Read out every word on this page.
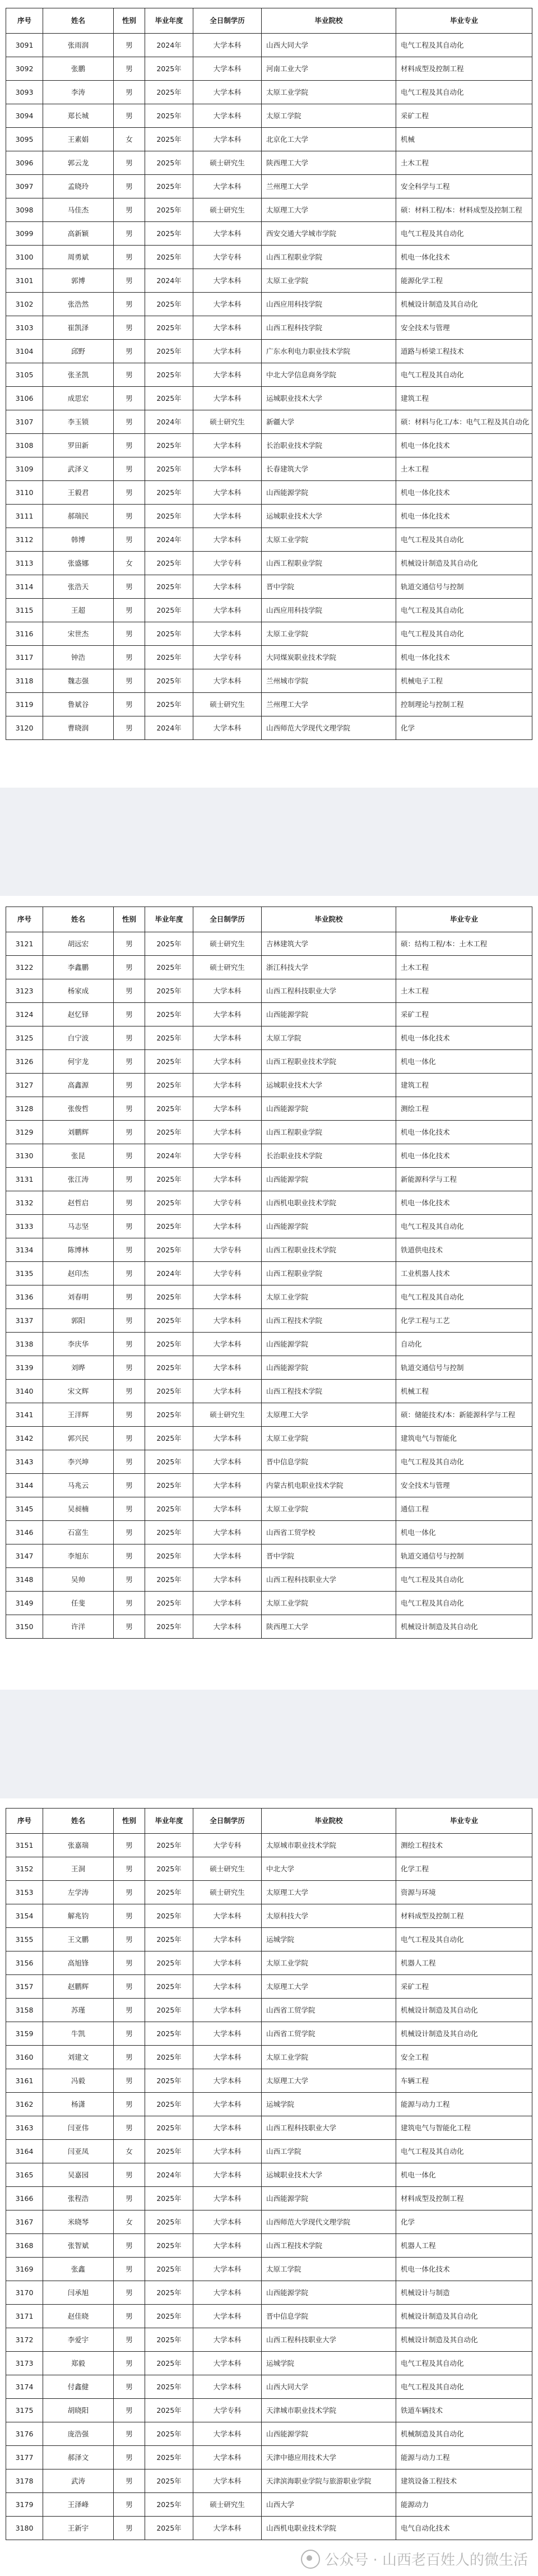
序号	姓名	性别	毕业年度	全日制学历	毕业院校	毕业专业
3091	张雨润	男	2024年	大学本科	山西大同大学	电气工程及其自动化
3092	张鹏	男	2025年	大学本科	河南工业大学	材料成型及控制工程
3093	李涛	男	2025年	大学本科	太原工业学院	电气工程及其自动化
3094	郑长城	男	2025年	大学本科	太原工学院	采矿工程
3095	王素娟	女	2025年	大学本科	北京化工大学	机械
3096	郭云龙	男	2025年	硕士研究生	陕西理工大学	土木工程
3097	孟晓玲	男	2025年	大学本科	兰州理工大学	安全科学与工程
3098	马佳杰	男	2025年	硕士研究生	太原理工大学	硕：材料工程/本：材料成型及控制工程
3099	高新颖	男	2025年	大学本科	西安交通大学城市学院	电气工程及其自动化
3100	周勇斌	男	2025年	大学专科	山西工程职业学院	机电一体化技术
3101	郭博	男	2024年	大学本科	太原工业学院	能源化学工程
3102	张浩然	男	2025年	大学本科	山西应用科技学院	机械设计制造及其自动化
3103	崔凯泽	男	2025年	大学本科	山西工程科技学院	安全技术与管理
3104	邱野	男	2025年	大学本科	广东水利电力职业技术学院	道路与桥梁工程技术
3105	张圣凯	男	2025年	大学本科	中北大学信息商务学院	电气工程及其自动化
3106	成思宏	男	2025年	大学本科	运城职业技术大学	建筑工程
3107	李玉锁	男	2024年	硕士研究生	新疆大学	硕：材料与化工/本：电气工程及其自动化
3108	罗田新	男	2025年	大学本科	长治职业技术学院	机电一体化技术
3109	武泽义	男	2025年	大学本科	长春建筑大学	土木工程
3110	王毅君	男	2025年	大学本科	山西能源学院	机电一体化技术
3111	郝瑞民	男	2025年	大学本科	运城职业技术大学	机电一体化技术
3112	韩博	男	2024年	大学本科	太原工业学院	电气工程及其自动化
3113	张盛娜	女	2025年	大学专科	山西工程职业学院	机械设计制造及其自动化
3114	张浩天	男	2025年	大学本科	晋中学院	轨道交通信号与控制
3115	王超	男	2025年	大学本科	山西应用科技学院	电气工程及其自动化
3116	宋世杰	男	2025年	大学本科	太原工业学院	电气工程及其自动化
3117	钟浩	男	2025年	大学专科	大同煤炭职业技术学院	机电一体化技术
3118	魏志强	男	2025年	大学本科	兰州城市学院	机械电子工程
3119	鲁斌谷	男	2025年	硕士研究生	兰州理工大学	控制理论与控制工程
3120	曹晓润	男	2024年	大学本科	山西师范大学现代文理学院	化学
序号	姓名	性别	毕业年度	全日制学历	毕业院校	毕业专业
3121	胡远宏	男	2025年	硕士研究生	吉林建筑大学	硕：结构工程/本：土木工程
3122	李鑫鹏	男	2025年	硕士研究生	浙江科技大学	土木工程
3123	杨家成	男	2025年	大学本科	山西工程科技职业大学	土木工程
3124	赵忆铎	男	2025年	大学本科	山西能源学院	采矿工程
3125	白宁波	男	2025年	大学本科	太原工学院	机电一体化技术
3126	何宇龙	男	2025年	大学本科	山西工程职业技术学院	机电一体化
3127	高鑫源	男	2025年	大学本科	运城职业技术大学	建筑工程
3128	张俊哲	男	2025年	大学本科	山西能源学院	测绘工程
3129	刘鹏辉	男	2025年	大学本科	山西工程职业学院	机电一体化技术
3130	张昆	男	2024年	大学专科	长治职业技术学院	机电一体化技术
3131	张江涛	男	2025年	大学本科	山西能源学院	新能源科学与工程
3132	赵哲启	男	2025年	大学专科	山西机电职业技术学院	机电一体化技术
3133	马志坚	男	2025年	大学本科	山西能源学院	电气工程及其自动化
3134	陈博林	男	2025年	大学专科	山西工程职业技术学院	铁道供电技术
3135	赵印杰	男	2024年	大学专科	山西工程职业学院	工业机器人技术
3136	刘春明	男	2025年	大学本科	太原工业学院	电气工程及其自动化
3137	郭阳	男	2025年	大学本科	山西工程技术学院	化学工程与工艺
3138	李庆华	男	2025年	大学本科	山西能源学院	自动化
3139	刘晔	男	2025年	大学本科	山西能源学院	轨道交通信号与控制
3140	宋文辉	男	2025年	大学本科	山西工程技术学院	机械工程
3141	王洋辉	男	2025年	硕士研究生	太原理工大学	硕：储能技术/本：新能源科学与工程
3142	郭兴民	男	2025年	大学本科	太原工业学院	建筑电气与智能化
3143	李兴坤	男	2025年	大学本科	晋中信息学院	电气工程及其自动化
3144	马兆云	男	2025年	大学本科	内蒙古机电职业技术学院	安全技术与管理
3145	吴昶楠	男	2025年	大学本科	太原工业学院	通信工程
3146	石富生	男	2025年	大学本科	山西省工贸学校	机电一体化
3147	李旭东	男	2025年	大学本科	晋中学院	轨道交通信号与控制
3148	吴帅	男	2025年	大学本科	山西工程科技职业大学	电气工程及其自动化
3149	任斐	男	2025年	大学本科	太原工业学院	电气工程及其自动化
3150	许洋	男	2025年	大学本科	陕西理工大学	机械设计制造及其自动化
序号	姓名	性别	毕业年度	全日制学历	毕业院校	毕业专业
3151	张嘉瑞	男	2025年	大学专科	太原城市职业技术学院	测绘工程技术
3152	王洞	男	2025年	硕士研究生	中北大学	化学工程
3153	左学涛	男	2025年	硕士研究生	太原理工大学	资源与环境
3154	解兆钧	男	2025年	大学本科	太原科技大学	材料成型及控制工程
3155	王文鹏	男	2025年	大学本科	运城学院	电气工程及其自动化
3156	高旭锋	男	2025年	大学本科	太原工业学院	机器人工程
3157	赵鹏辉	男	2025年	大学本科	太原理工大学	采矿工程
3158	苏瑾	男	2025年	大学本科	山西省工贸学院	机械设计制造及其自动化
3159	牛凯	男	2025年	大学本科	山西省工贸学院	机械设计制造及其自动化
3160	刘建文	男	2025年	大学本科	太原工业学院	安全工程
3161	冯毅	男	2025年	大学本科	太原理工大学	车辆工程
3162	杨潇	男	2025年	大学本科	运城学院	能源与动力工程
3163	闫亚伟	男	2025年	大学本科	山西工程科技职业大学	建筑电气与智能化工程
3164	闫亚凤	女	2025年	大学本科	山西工学院	电气工程及其自动化
3165	吴嘉园	男	2024年	大学本科	运城职业技术大学	机电一体化
3166	张程浩	男	2025年	大学本科	山西能源学院	材料成型及控制工程
3167	米晓琴	女	2025年	大学本科	山西师范大学现代文理学院	化学
3168	张智斌	男	2025年	大学本科	山西工程技术学院	机器人工程
3169	张鑫	男	2025年	大学本科	太原工学院	机电一体化技术
3170	闫承旭	男	2025年	大学本科	山西能源学院	机械设计与制造
3171	赵佳晓	男	2025年	大学本科	晋中信息学院	机械设计制造及其自动化
3172	李爱宇	男	2025年	大学本科	山西工程科技职业大学	机械设计制造及其自动化
3173	郑毅	男	2025年	大学本科	运城学院	电气工程及其自动化
3174	付鑫健	男	2025年	大学本科	山西大同大学	电气工程及其自动化
3175	胡晓阳	男	2025年	大学专科	天津城市职业技术学院	铁道车辆技术
3176	庞浩强	男	2025年	大学本科	山西能源学院	机械制造及其自动化
3177	郝泽文	男	2025年	大学本科	天津中德应用技术大学	能源与动力工程
3178	武涛	男	2025年	大学本科	天津滨海职业学院与旅游职业学院	建筑设备工程技术
3179	王泽峰	男	2025年	硕士研究生	山西大学	能源动力
3180	王新宇	男	2025年	大学本科	山西机电职业技术学院	电气自动化技术
公众号 · 山西老百姓人的微生活
